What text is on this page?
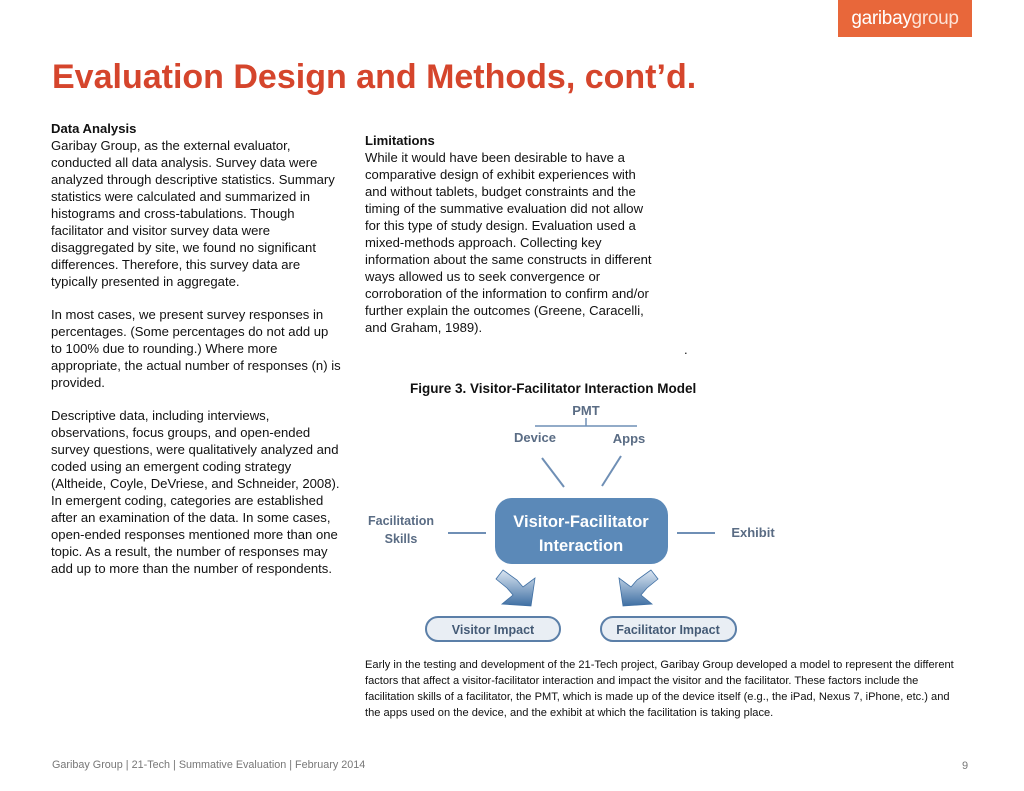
garibaygroup
Evaluation Design and Methods, cont’d.

Data Analysis
Garibay Group, as the external evaluator, conducted all data analysis. Survey data were analyzed through descriptive statistics. Summary statistics were calculated and summarized in histograms and cross-tabulations. Though facilitator and visitor survey data were disaggregated by site, we found no significant differences. Therefore, this survey data are typically presented in aggregate.

In most cases, we present survey responses in percentages. (Some percentages do not add up to 100% due to rounding.) Where more appropriate, the actual number of responses (n) is provided.

Descriptive data, including interviews, observations, focus groups, and open-ended survey questions, were qualitatively analyzed and coded using an emergent coding strategy (Altheide, Coyle, DeVriese, and Schneider, 2008). In emergent coding, categories are established after an examination of the data. In some cases, open-ended responses mentioned more than one topic. As a result, the number of responses may add up to more than the number of respondents.

Limitations
While it would have been desirable to have a comparative design of exhibit experiences with and without tablets, budget constraints and the timing of the summative evaluation did not allow for this type of study design. Evaluation used a mixed-methods approach. Collecting key information about the same constructs in different ways allowed us to seek convergence or corroboration of the information to confirm and/or further explain the outcomes (Greene, Caracelli, and Graham, 1989).
.
Figure 3. Visitor-Facilitator Interaction Model
PMT
Device	Apps
Visitor-Facilitator
Interaction
Facilitation
Skills	Exhibit
Visitor Impact	Facilitator Impact
Early in the testing and development of the 21-Tech project, Garibay Group developed a model to represent the different factors that affect a visitor-facilitator interaction and impact the visitor and the facilitator. These factors include the facilitation skills of a facilitator, the PMT, which is made up of the device itself (e.g., the iPad, Nexus 7, iPhone, etc.) and the apps used on the device, and the exhibit at which the facilitation is taking place.
Garibay Group | 21-Tech | Summative Evaluation | February 2014	9
